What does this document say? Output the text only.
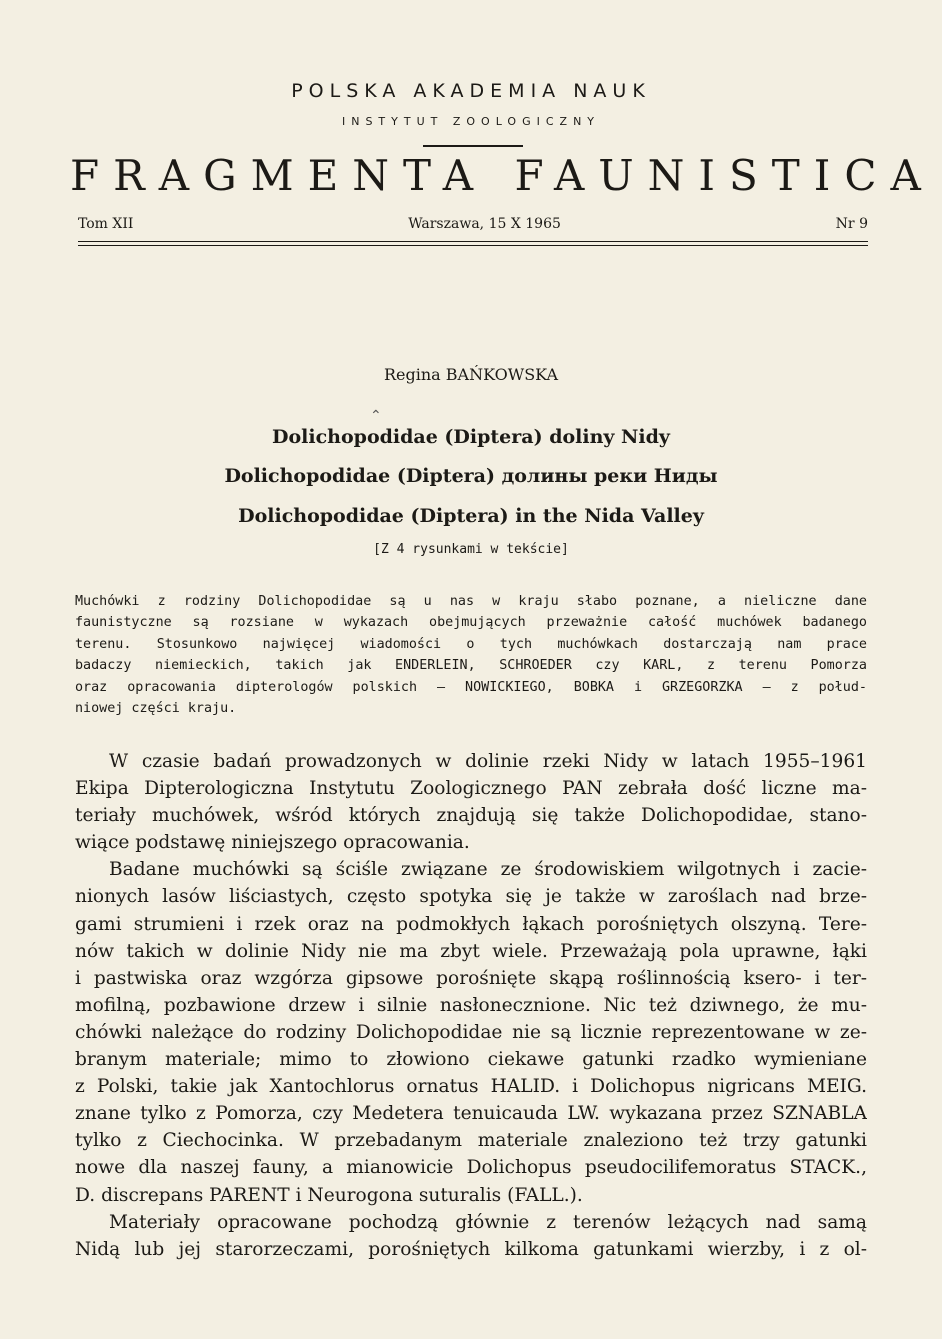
POLSKA AKADEMIA NAUK
INSTYTUT ZOOLOGICZNY
FRAGMENTA FAUNISTICA
Tom XII	Warszawa, 15 X 1965	Nr 9
Regina BAŃKOWSKA
⌃
Dolichopodidae (Diptera) doliny Nidy
Dolichopodidae (Diptera) долины реки Ниды
Dolichopodidae (Diptera) in the Nida Valley
[Z 4 rysunkami w tekście]
Muchówki z rodziny Dolichopodidae są u nas w kraju słabo poznane, a nieliczne dane
faunistyczne są rozsiane w wykazach obejmujących przeważnie całość muchówek badanego
terenu. Stosunkowo najwięcej wiadomości o tych muchówkach dostarczają nam prace
badaczy niemieckich, takich jak ENDERLEIN, SCHROEDER czy KARL, z terenu Pomorza
oraz opracowania dipterologów polskich — NOWICKIEGO, BOBKA i GRZEGORZKA — z połud-
niowej części kraju.
W czasie badań prowadzonych w dolinie rzeki Nidy w latach 1955–1961
Ekipa Dipterologiczna Instytutu Zoologicznego PAN zebrała dość liczne ma-
teriały muchówek, wśród których znajdują się także Dolichopodidae, stano-
wiące podstawę niniejszego opracowania.
Badane muchówki są ściśle związane ze środowiskiem wilgotnych i zacie-
nionych lasów liściastych, często spotyka się je także w zaroślach nad brze-
gami strumieni i rzek oraz na podmokłych łąkach porośniętych olszyną. Tere-
nów takich w dolinie Nidy nie ma zbyt wiele. Przeważają pola uprawne, łąki
i pastwiska oraz wzgórza gipsowe porośnięte skąpą roślinnością ksero- i ter-
mofilną, pozbawione drzew i silnie nasłonecznione. Nic też dziwnego, że mu-
chówki należące do rodziny Dolichopodidae nie są licznie reprezentowane w ze-
branym materiale; mimo to złowiono ciekawe gatunki rzadko wymieniane
z Polski, takie jak Xantochlorus ornatus HALID. i Dolichopus nigricans MEIG.
znane tylko z Pomorza, czy Medetera tenuicauda LW. wykazana przez SZNABLA
tylko z Ciechocinka. W przebadanym materiale znaleziono też trzy gatunki
nowe dla naszej fauny, a mianowicie Dolichopus pseudocilifemoratus STACK.,
D. discrepans PARENT i Neurogona suturalis (FALL.).
Materiały opracowane pochodzą głównie z terenów leżących nad samą
Nidą lub jej starorzeczami, porośniętych kilkoma gatunkami wierzby, i z ol-
